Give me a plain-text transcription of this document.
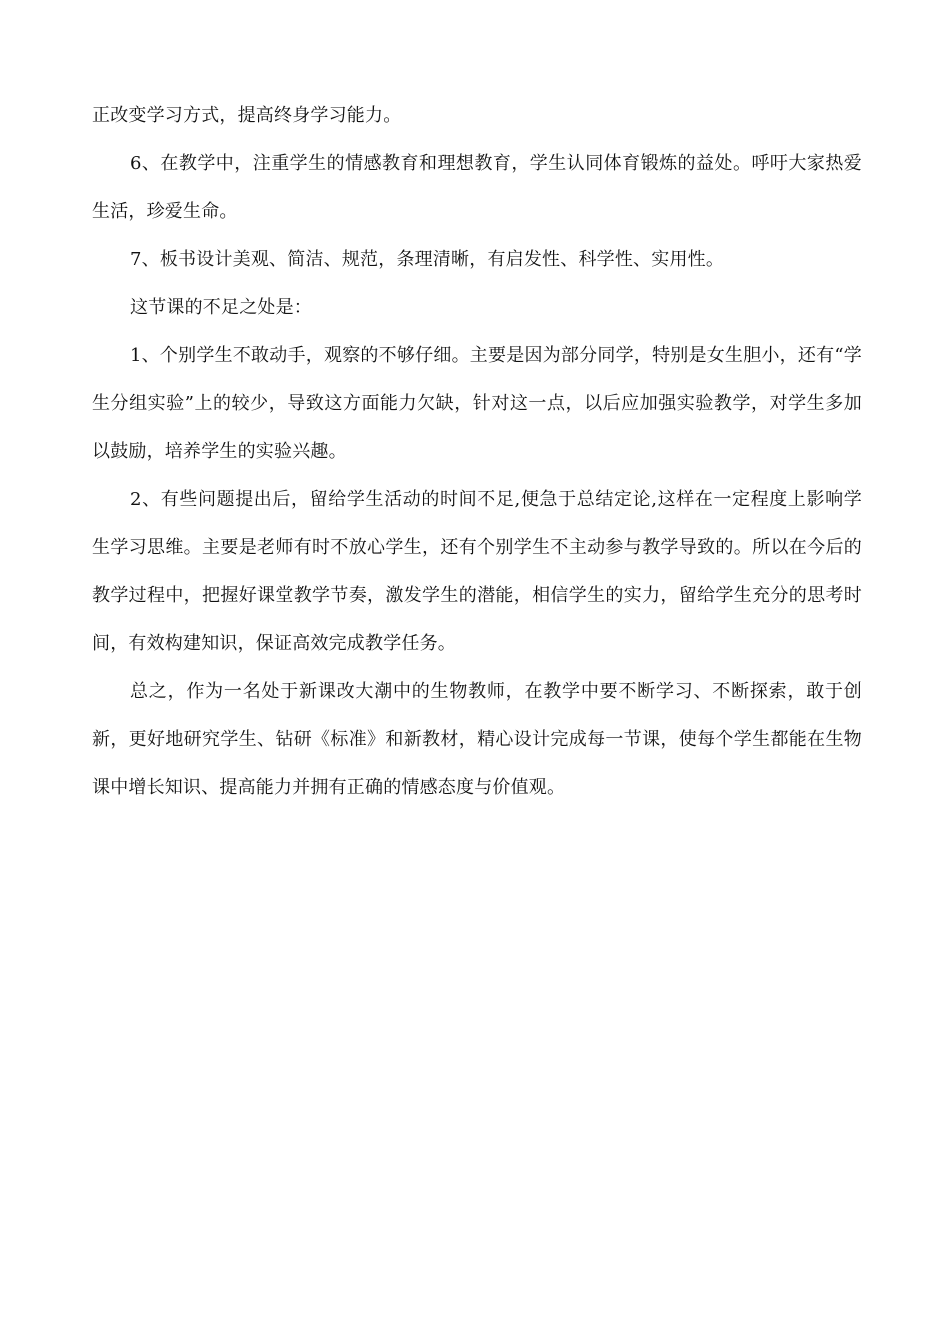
正改变学习方式，提高终身学习能力。

6、在教学中，注重学生的情感教育和理想教育，学生认同体育锻炼的益处。呼吁大家热爱生活，珍爱生命。

7、板书设计美观、简洁、规范，条理清晰，有启发性、科学性、实用性。

这节课的不足之处是：

1、个别学生不敢动手，观察的不够仔细。主要是因为部分同学，特别是女生胆小，还有“学生分组实验”上的较少，导致这方面能力欠缺，针对这一点，以后应加强实验教学，对学生多加以鼓励，培养学生的实验兴趣。

2、有些问题提出后，留给学生活动的时间不足,便急于总结定论,这样在一定程度上影响学生学习思维。主要是老师有时不放心学生，还有个别学生不主动参与教学导致的。所以在今后的教学过程中，把握好课堂教学节奏，激发学生的潜能，相信学生的实力，留给学生充分的思考时间，有效构建知识，保证高效完成教学任务。

总之，作为一名处于新课改大潮中的生物教师，在教学中要不断学习、不断探索，敢于创新，更好地研究学生、钻研《标准》和新教材，精心设计完成每一节课，使每个学生都能在生物课中增长知识、提高能力并拥有正确的情感态度与价值观。
